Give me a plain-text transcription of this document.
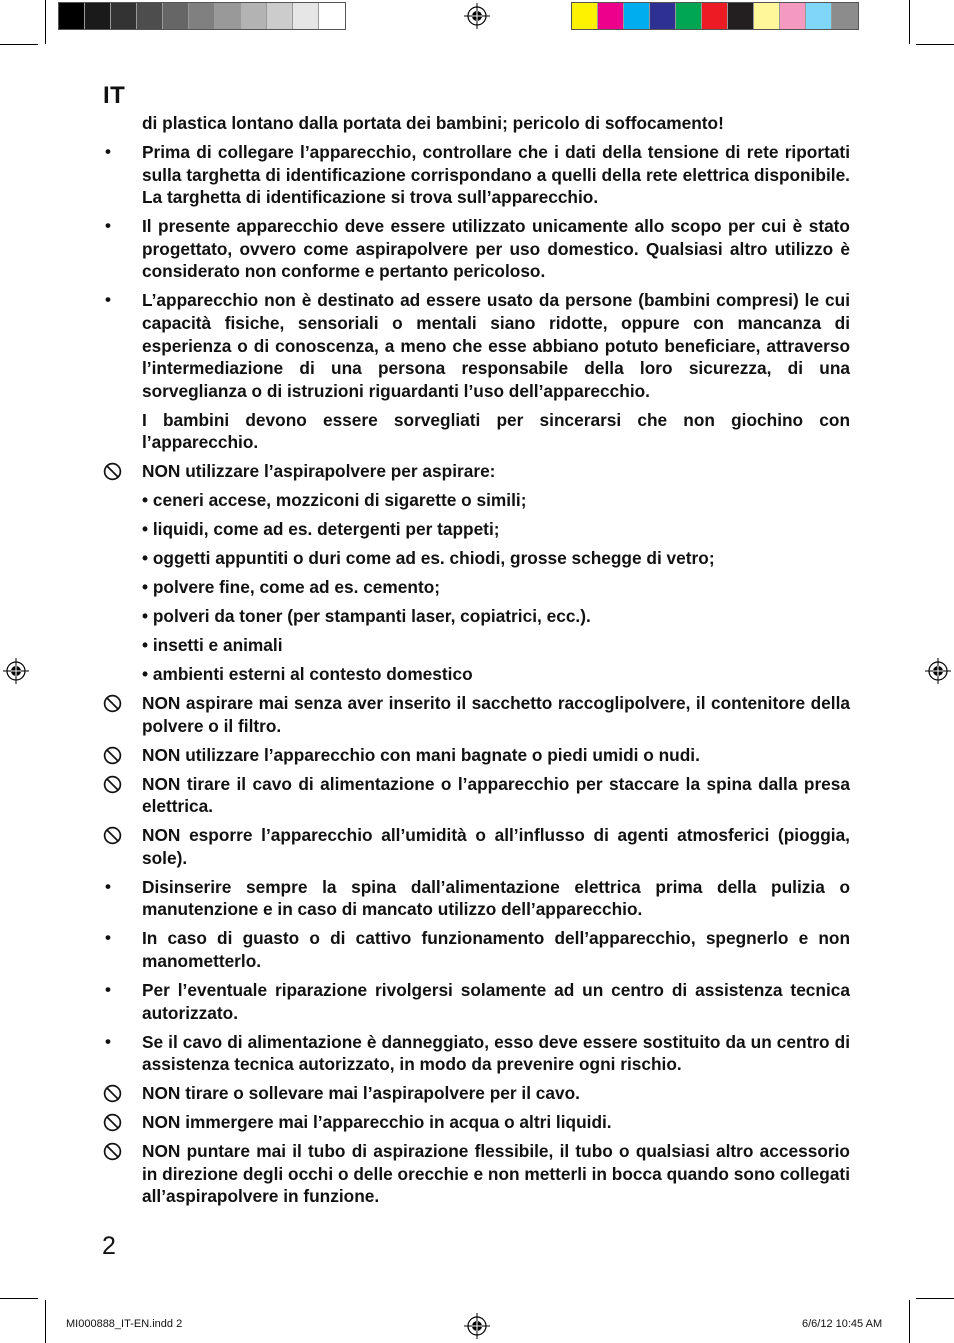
IT
di plastica lontano dalla portata dei bambini; pericolo di soffocamento!
• Prima di collegare l’apparecchio, controllare che i dati della tensione di rete riportati sulla targhetta di identificazione corrispondano a quelli della rete elettrica disponibile. La targhetta di identificazione si trova sull’apparecchio.
• Il presente apparecchio deve essere utilizzato unicamente allo scopo per cui è stato progettato, ovvero come aspirapolvere per uso domestico. Qualsiasi altro utilizzo è considerato non conforme e pertanto pericoloso.
• L’apparecchio non è destinato ad essere usato da persone (bambini compresi) le cui capacità fisiche, sensoriali o mentali siano ridotte, oppure con mancanza di esperienza o di conoscenza, a meno che esse abbiano potuto beneficiare, attraverso l’intermediazione di una persona responsabile della loro sicurezza, di una sorveglianza o di istruzioni riguardanti l’uso dell’apparecchio.
I bambini devono essere sorvegliati per sincerarsi che non giochino con l’apparecchio.
NON utilizzare l’aspirapolvere per aspirare:
• ceneri accese, mozziconi di sigarette o simili;
• liquidi, come ad es. detergenti per tappeti;
• oggetti appuntiti o duri come ad es. chiodi, grosse schegge di vetro;
• polvere fine, come ad es. cemento;
• polveri da toner (per stampanti laser, copiatrici, ecc.).
• insetti e animali
• ambienti esterni al contesto domestico
NON aspirare mai senza aver inserito il sacchetto raccoglipolvere, il contenitore della polvere o il filtro.
NON utilizzare l’apparecchio con mani bagnate o piedi umidi o nudi.
NON tirare il cavo di alimentazione o l’apparecchio per staccare la spina dalla presa elettrica.
NON esporre l’apparecchio all’umidità o all’influsso di agenti atmosferici (pioggia, sole).
• Disinserire sempre la spina dall’alimentazione elettrica prima della pulizia o manutenzione e in caso di mancato utilizzo dell’apparecchio.
• In caso di guasto o di cattivo funzionamento dell’apparecchio, spegnerlo e non manometterlo.
• Per l’eventuale riparazione rivolgersi solamente ad un centro di assistenza tecnica autorizzato.
• Se il cavo di alimentazione è danneggiato, esso deve essere sostituito da un centro di assistenza tecnica autorizzato, in modo da prevenire ogni rischio.
NON tirare o sollevare mai l’aspirapolvere per il cavo.
NON immergere mai l’apparecchio in acqua o altri liquidi.
NON puntare mai il tubo di aspirazione flessibile, il tubo o qualsiasi altro accessorio in direzione degli occhi o delle orecchie e non metterli in bocca quando sono collegati all’aspirapolvere in funzione.
2
MI000888_IT-EN.indd 2	6/6/12 10:45 AM
